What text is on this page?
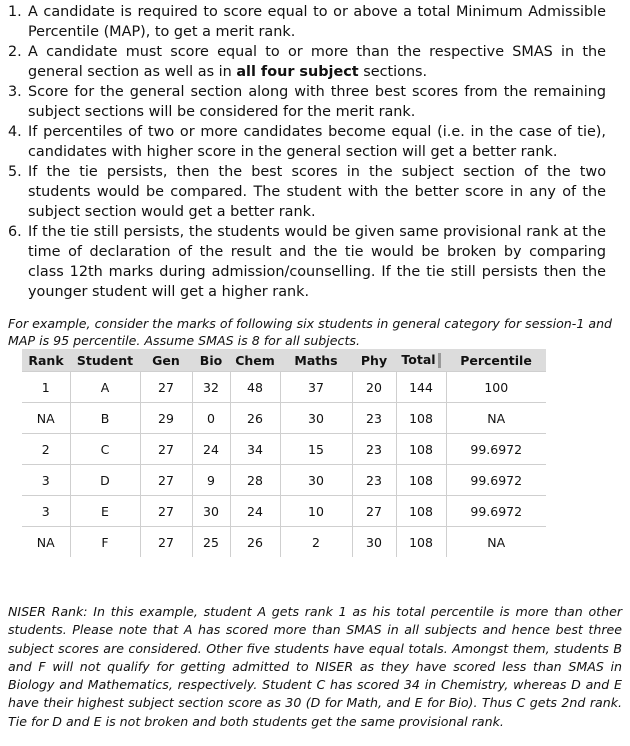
1. A candidate is required to score equal to or above a total Minimum Admissible Percentile (MAP), to get a merit rank.
2. A candidate must score equal to or more than the respective SMAS in the general section as well as in all four subject sections.
3. Score for the general section along with three best scores from the remaining subject sections will be considered for the merit rank.
4. If percentiles of two or more candidates become equal (i.e. in the case of tie), candidates with higher score in the general section will get a better rank.
5. If the tie persists, then the best scores in the subject section of the two students would be compared. The student with the better score in any of the subject section would get a better rank.
6. If the tie still persists, the students would be given same provisional rank at the time of declaration of the result and the tie would be broken by comparing class 12th marks during admission/counselling. If the tie still persists then the younger student will get a higher rank.
For example, consider the marks of following six students in general category for session-1 and MAP is 95 percentile. Assume SMAS is 8 for all subjects.
Rank	Student	Gen	Bio	Chem	Maths	Phy	Total	Percentile
1	A	27	32	48	37	20	144	100
NA	B	29	0	26	30	23	108	NA
2	C	27	24	34	15	23	108	99.6972
3	D	27	9	28	30	23	108	99.6972
3	E	27	30	24	10	27	108	99.6972
NA	F	27	25	26	2	30	108	NA
NISER Rank: In this example, student A gets rank 1 as his total percentile is more than other students. Please note that A has scored more than SMAS in all subjects and hence best three subject scores are considered. Other five students have equal totals. Amongst them, students B and F will not qualify for getting admitted to NISER as they have scored less than SMAS in Biology and Mathematics, respectively. Student C has scored 34 in Chemistry, whereas D and E have their highest subject section score as 30 (D for Math, and E for Bio). Thus C gets 2nd rank. Tie for D and E is not broken and both students get the same provisional rank.
